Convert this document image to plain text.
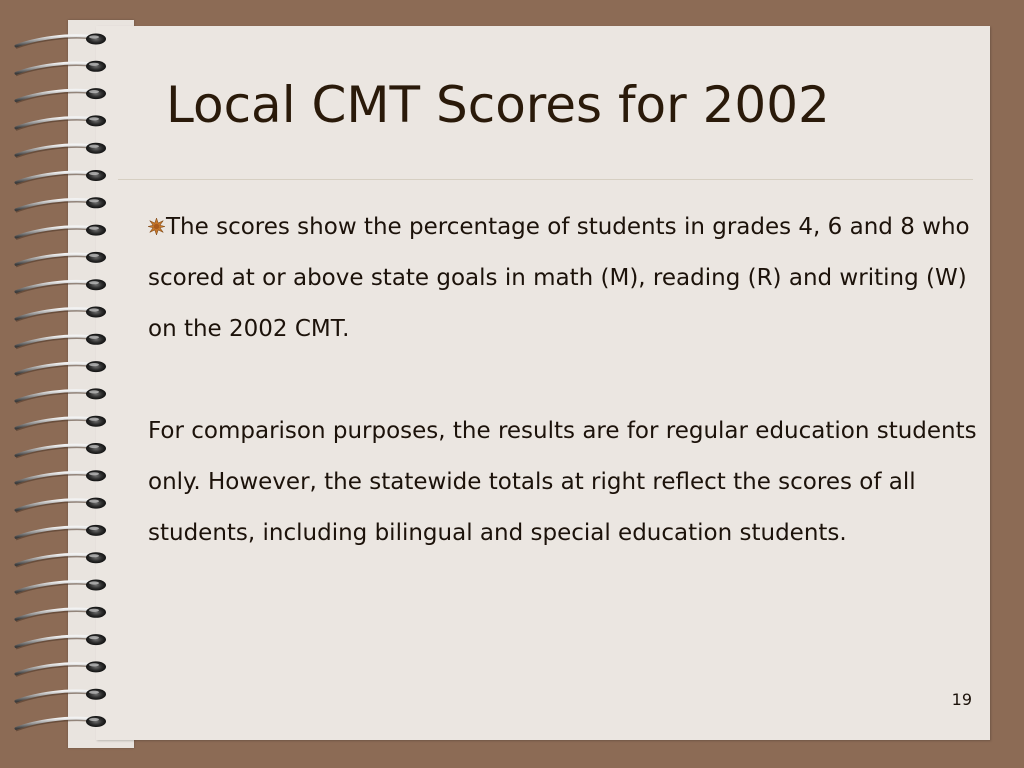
Local CMT Scores for 2002

The scores show the percentage of students in grades 4, 6 and 8 who scored at or above state goals in math (M), reading (R) and writing (W) on the 2002 CMT.

For comparison purposes, the results are for regular education students only. However, the statewide totals at right reflect the scores of all students, including bilingual and special education students.

19
